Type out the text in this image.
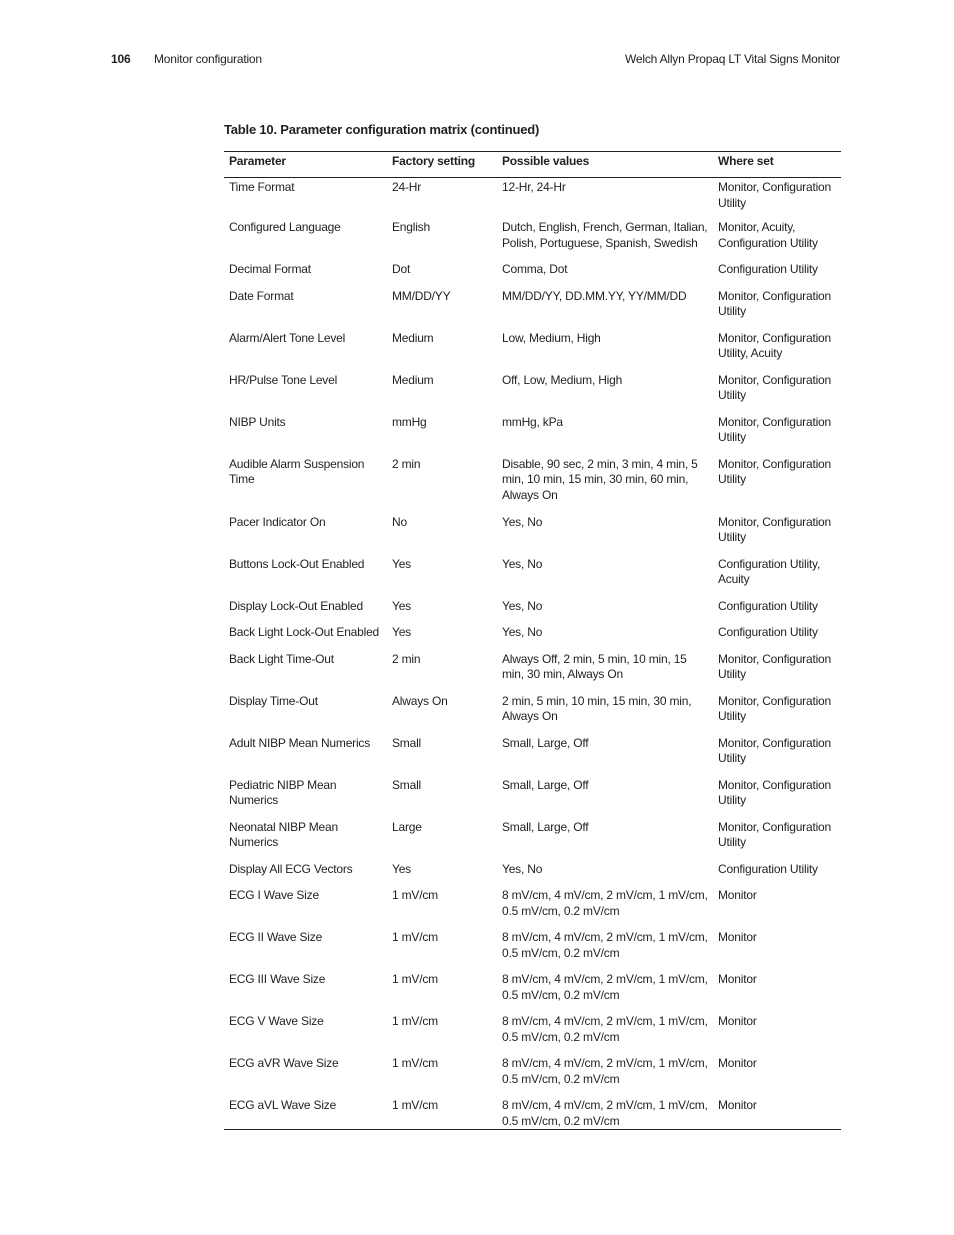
106 Monitor configuration	Welch Allyn Propaq LT Vital Signs Monitor
Table 10. Parameter configuration matrix (continued)
Parameter	Factory setting	Possible values	Where set
Time Format	24-Hr	12-Hr, 24-Hr	Monitor, Configuration Utility
Configured Language	English	Dutch, English, French, German, Italian, Polish, Portuguese, Spanish, Swedish	Monitor, Acuity, Configuration Utility
Decimal Format	Dot	Comma, Dot	Configuration Utility
Date Format	MM/DD/YY	MM/DD/YY, DD.MM.YY, YY/MM/DD	Monitor, Configuration Utility
Alarm/Alert Tone Level	Medium	Low, Medium, High	Monitor, Configuration Utility, Acuity
HR/Pulse Tone Level	Medium	Off, Low, Medium, High	Monitor, Configuration Utility
NIBP Units	mmHg	mmHg, kPa	Monitor, Configuration Utility
Audible Alarm Suspension Time	2 min	Disable, 90 sec, 2 min, 3 min, 4 min, 5 min, 10 min, 15 min, 30 min, 60 min, Always On	Monitor, Configuration Utility
Pacer Indicator On	No	Yes, No	Monitor, Configuration Utility
Buttons Lock-Out Enabled	Yes	Yes, No	Configuration Utility, Acuity
Display Lock-Out Enabled	Yes	Yes, No	Configuration Utility
Back Light Lock-Out Enabled	Yes	Yes, No	Configuration Utility
Back Light Time-Out	2 min	Always Off, 2 min, 5 min, 10 min, 15 min, 30 min, Always On	Monitor, Configuration Utility
Display Time-Out	Always On	2 min, 5 min, 10 min, 15 min, 30 min, Always On	Monitor, Configuration Utility
Adult NIBP Mean Numerics	Small	Small, Large, Off	Monitor, Configuration Utility
Pediatric NIBP Mean Numerics	Small	Small, Large, Off	Monitor, Configuration Utility
Neonatal NIBP Mean Numerics	Large	Small, Large, Off	Monitor, Configuration Utility
Display All ECG Vectors	Yes	Yes, No	Configuration Utility
ECG I Wave Size	1 mV/cm	8 mV/cm, 4 mV/cm, 2 mV/cm, 1 mV/cm, 0.5 mV/cm, 0.2 mV/cm	Monitor
ECG II Wave Size	1 mV/cm	8 mV/cm, 4 mV/cm, 2 mV/cm, 1 mV/cm, 0.5 mV/cm, 0.2 mV/cm	Monitor
ECG III Wave Size	1 mV/cm	8 mV/cm, 4 mV/cm, 2 mV/cm, 1 mV/cm, 0.5 mV/cm, 0.2 mV/cm	Monitor
ECG V Wave Size	1 mV/cm	8 mV/cm, 4 mV/cm, 2 mV/cm, 1 mV/cm, 0.5 mV/cm, 0.2 mV/cm	Monitor
ECG aVR Wave Size	1 mV/cm	8 mV/cm, 4 mV/cm, 2 mV/cm, 1 mV/cm, 0.5 mV/cm, 0.2 mV/cm	Monitor
ECG aVL Wave Size	1 mV/cm	8 mV/cm, 4 mV/cm, 2 mV/cm, 1 mV/cm, 0.5 mV/cm, 0.2 mV/cm	Monitor
